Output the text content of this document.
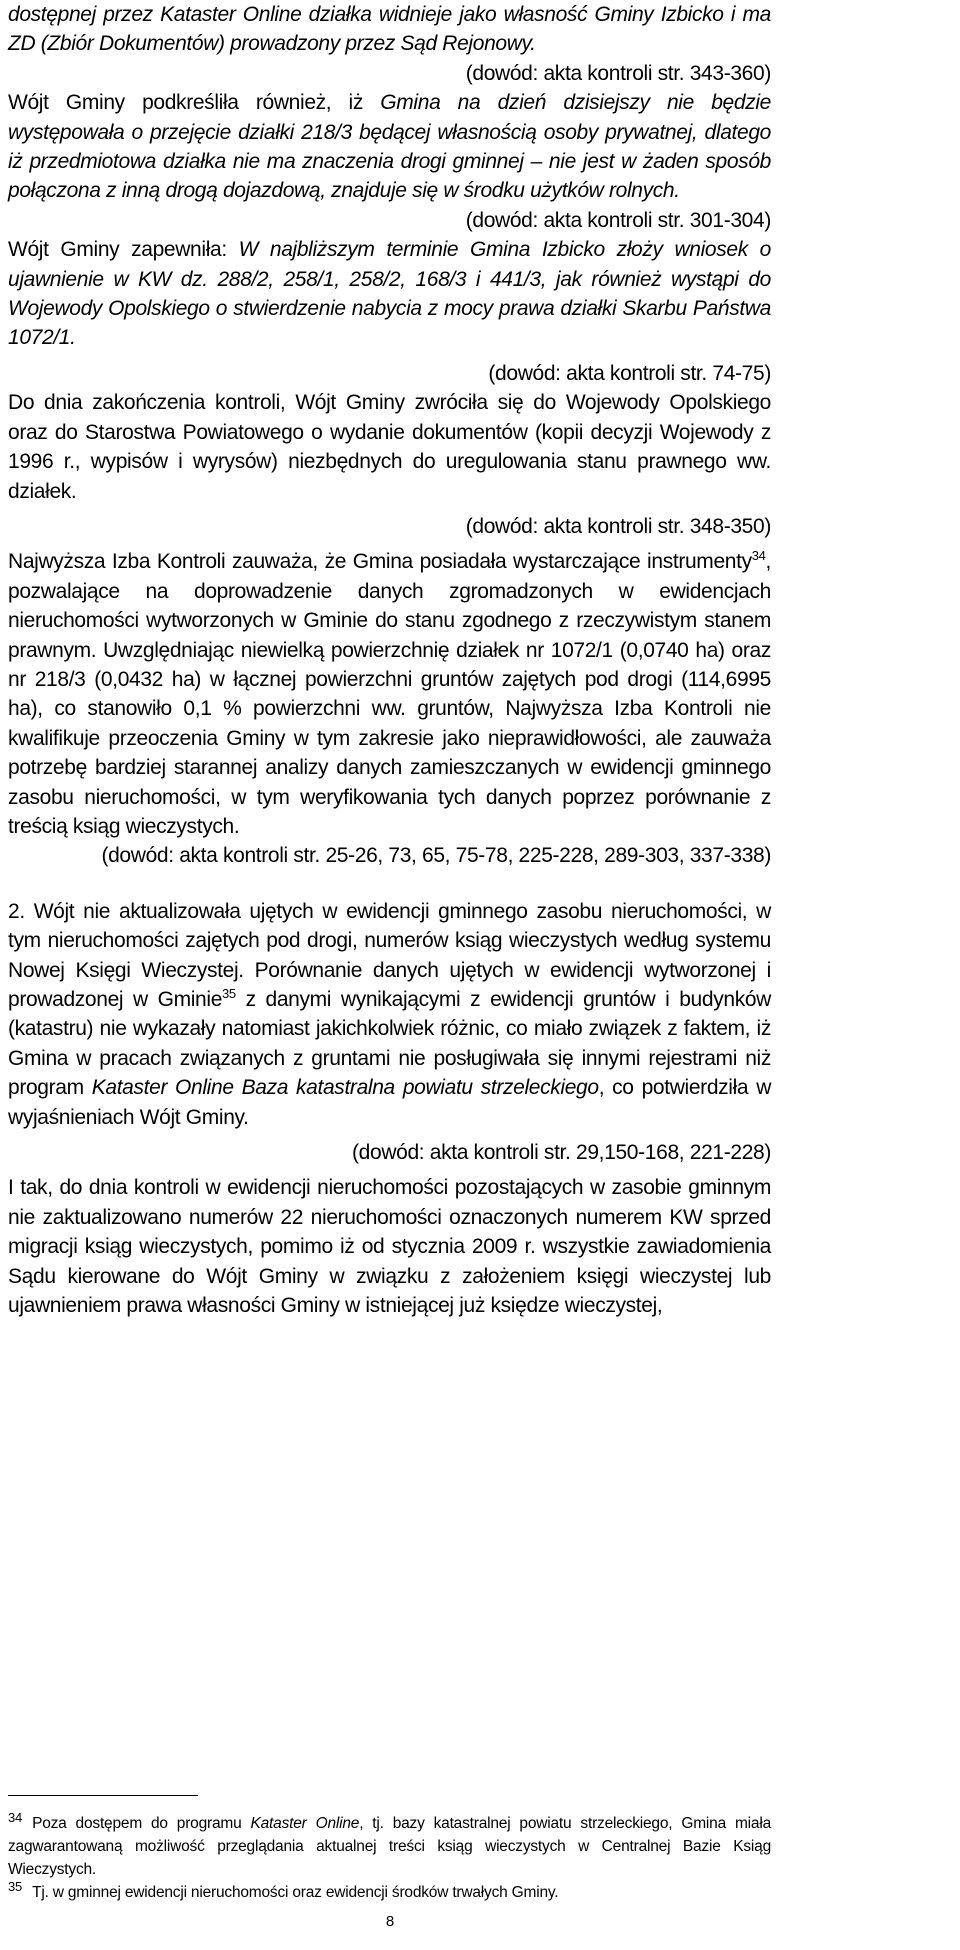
dostępnej przez Kataster Online działka widnieje jako własność Gminy Izbicko i ma ZD (Zbiór Dokumentów) prowadzony przez Sąd Rejonowy.

(dowód: akta kontroli str. 343-360)

Wójt Gminy podkreśliła również, iż Gmina na dzień dzisiejszy nie będzie występowała o przejęcie działki 218/3 będącej własnością osoby prywatnej, dlatego iż przedmiotowa działka nie ma znaczenia drogi gminnej – nie jest w żaden sposób połączona z inną drogą dojazdową, znajduje się w środku użytków rolnych.

(dowód: akta kontroli str. 301-304)

Wójt Gminy zapewniła: W najbliższym terminie Gmina Izbicko złoży wniosek o ujawnienie w KW dz. 288/2, 258/1, 258/2, 168/3 i 441/3, jak również wystąpi do Wojewody Opolskiego o stwierdzenie nabycia z mocy prawa działki Skarbu Państwa 1072/1.

(dowód: akta kontroli str. 74-75)

Do dnia zakończenia kontroli, Wójt Gminy zwróciła się do Wojewody Opolskiego oraz do Starostwa Powiatowego o wydanie dokumentów (kopii decyzji Wojewody z 1996 r., wypisów i wyrysów) niezbędnych do uregulowania stanu prawnego ww. działek.

(dowód: akta kontroli str. 348-350)

Najwyższa Izba Kontroli zauważa, że Gmina posiadała wystarczające instrumenty$^{34}$, pozwalające na doprowadzenie danych zgromadzonych w ewidencjach nieruchomości wytworzonych w Gminie do stanu zgodnego z rzeczywistym stanem prawnym. Uwzględniając niewielką powierzchnię działek nr 1072/1 (0,0740 ha) oraz nr 218/3 (0,0432 ha) w łącznej powierzchni gruntów zajętych pod drogi (114,6995 ha), co stanowiło 0,1 % powierzchni ww. gruntów, Najwyższa Izba Kontroli nie kwalifikuje przeoczenia Gminy w tym zakresie jako nieprawidłowości, ale zauważa potrzebę bardziej starannej analizy danych zamieszczanych w ewidencji gminnego zasobu nieruchomości, w tym weryfikowania tych danych poprzez porównanie z treścią ksiąg wieczystych.

(dowód: akta kontroli str. 25-26, 73, 65, 75-78, 225-228, 289-303, 337-338)

2. Wójt nie aktualizowała ujętych w ewidencji gminnego zasobu nieruchomości, w tym nieruchomości zajętych pod drogi, numerów ksiąg wieczystych według systemu Nowej Księgi Wieczystej. Porównanie danych ujętych w ewidencji wytworzonej i prowadzonej w Gminie$^{35}$ z danymi wynikającymi z ewidencji gruntów i budynków (katastru) nie wykazały natomiast jakichkolwiek różnic, co miało związek z faktem, iż Gmina w pracach związanych z gruntami nie posługiwała się innymi rejestrami niż program Kataster Online Baza katastralna powiatu strzeleckiego, co potwierdziła w wyjaśnieniach Wójt Gminy.

(dowód: akta kontroli str. 29,150-168, 221-228)

I tak, do dnia kontroli w ewidencji nieruchomości pozostających w zasobie gminnym nie zaktualizowano numerów 22 nieruchomości oznaczonych numerem KW sprzed migracji ksiąg wieczystych, pomimo iż od stycznia 2009 r. wszystkie zawiadomienia Sądu kierowane do Wójt Gminy w związku z założeniem księgi wieczystej lub ujawnieniem prawa własności Gminy w istniejącej już księdze wieczystej,

$^{34}$ Poza dostępem do programu Kataster Online, tj. bazy katastralnej powiatu strzeleckiego, Gmina miała zagwarantowaną możliwość przeglądania aktualnej treści ksiąg wieczystych w Centralnej Bazie Ksiąg Wieczystych.

$^{35}$ Tj. w gminnej ewidencji nieruchomości oraz ewidencji środków trwałych Gminy.

8
